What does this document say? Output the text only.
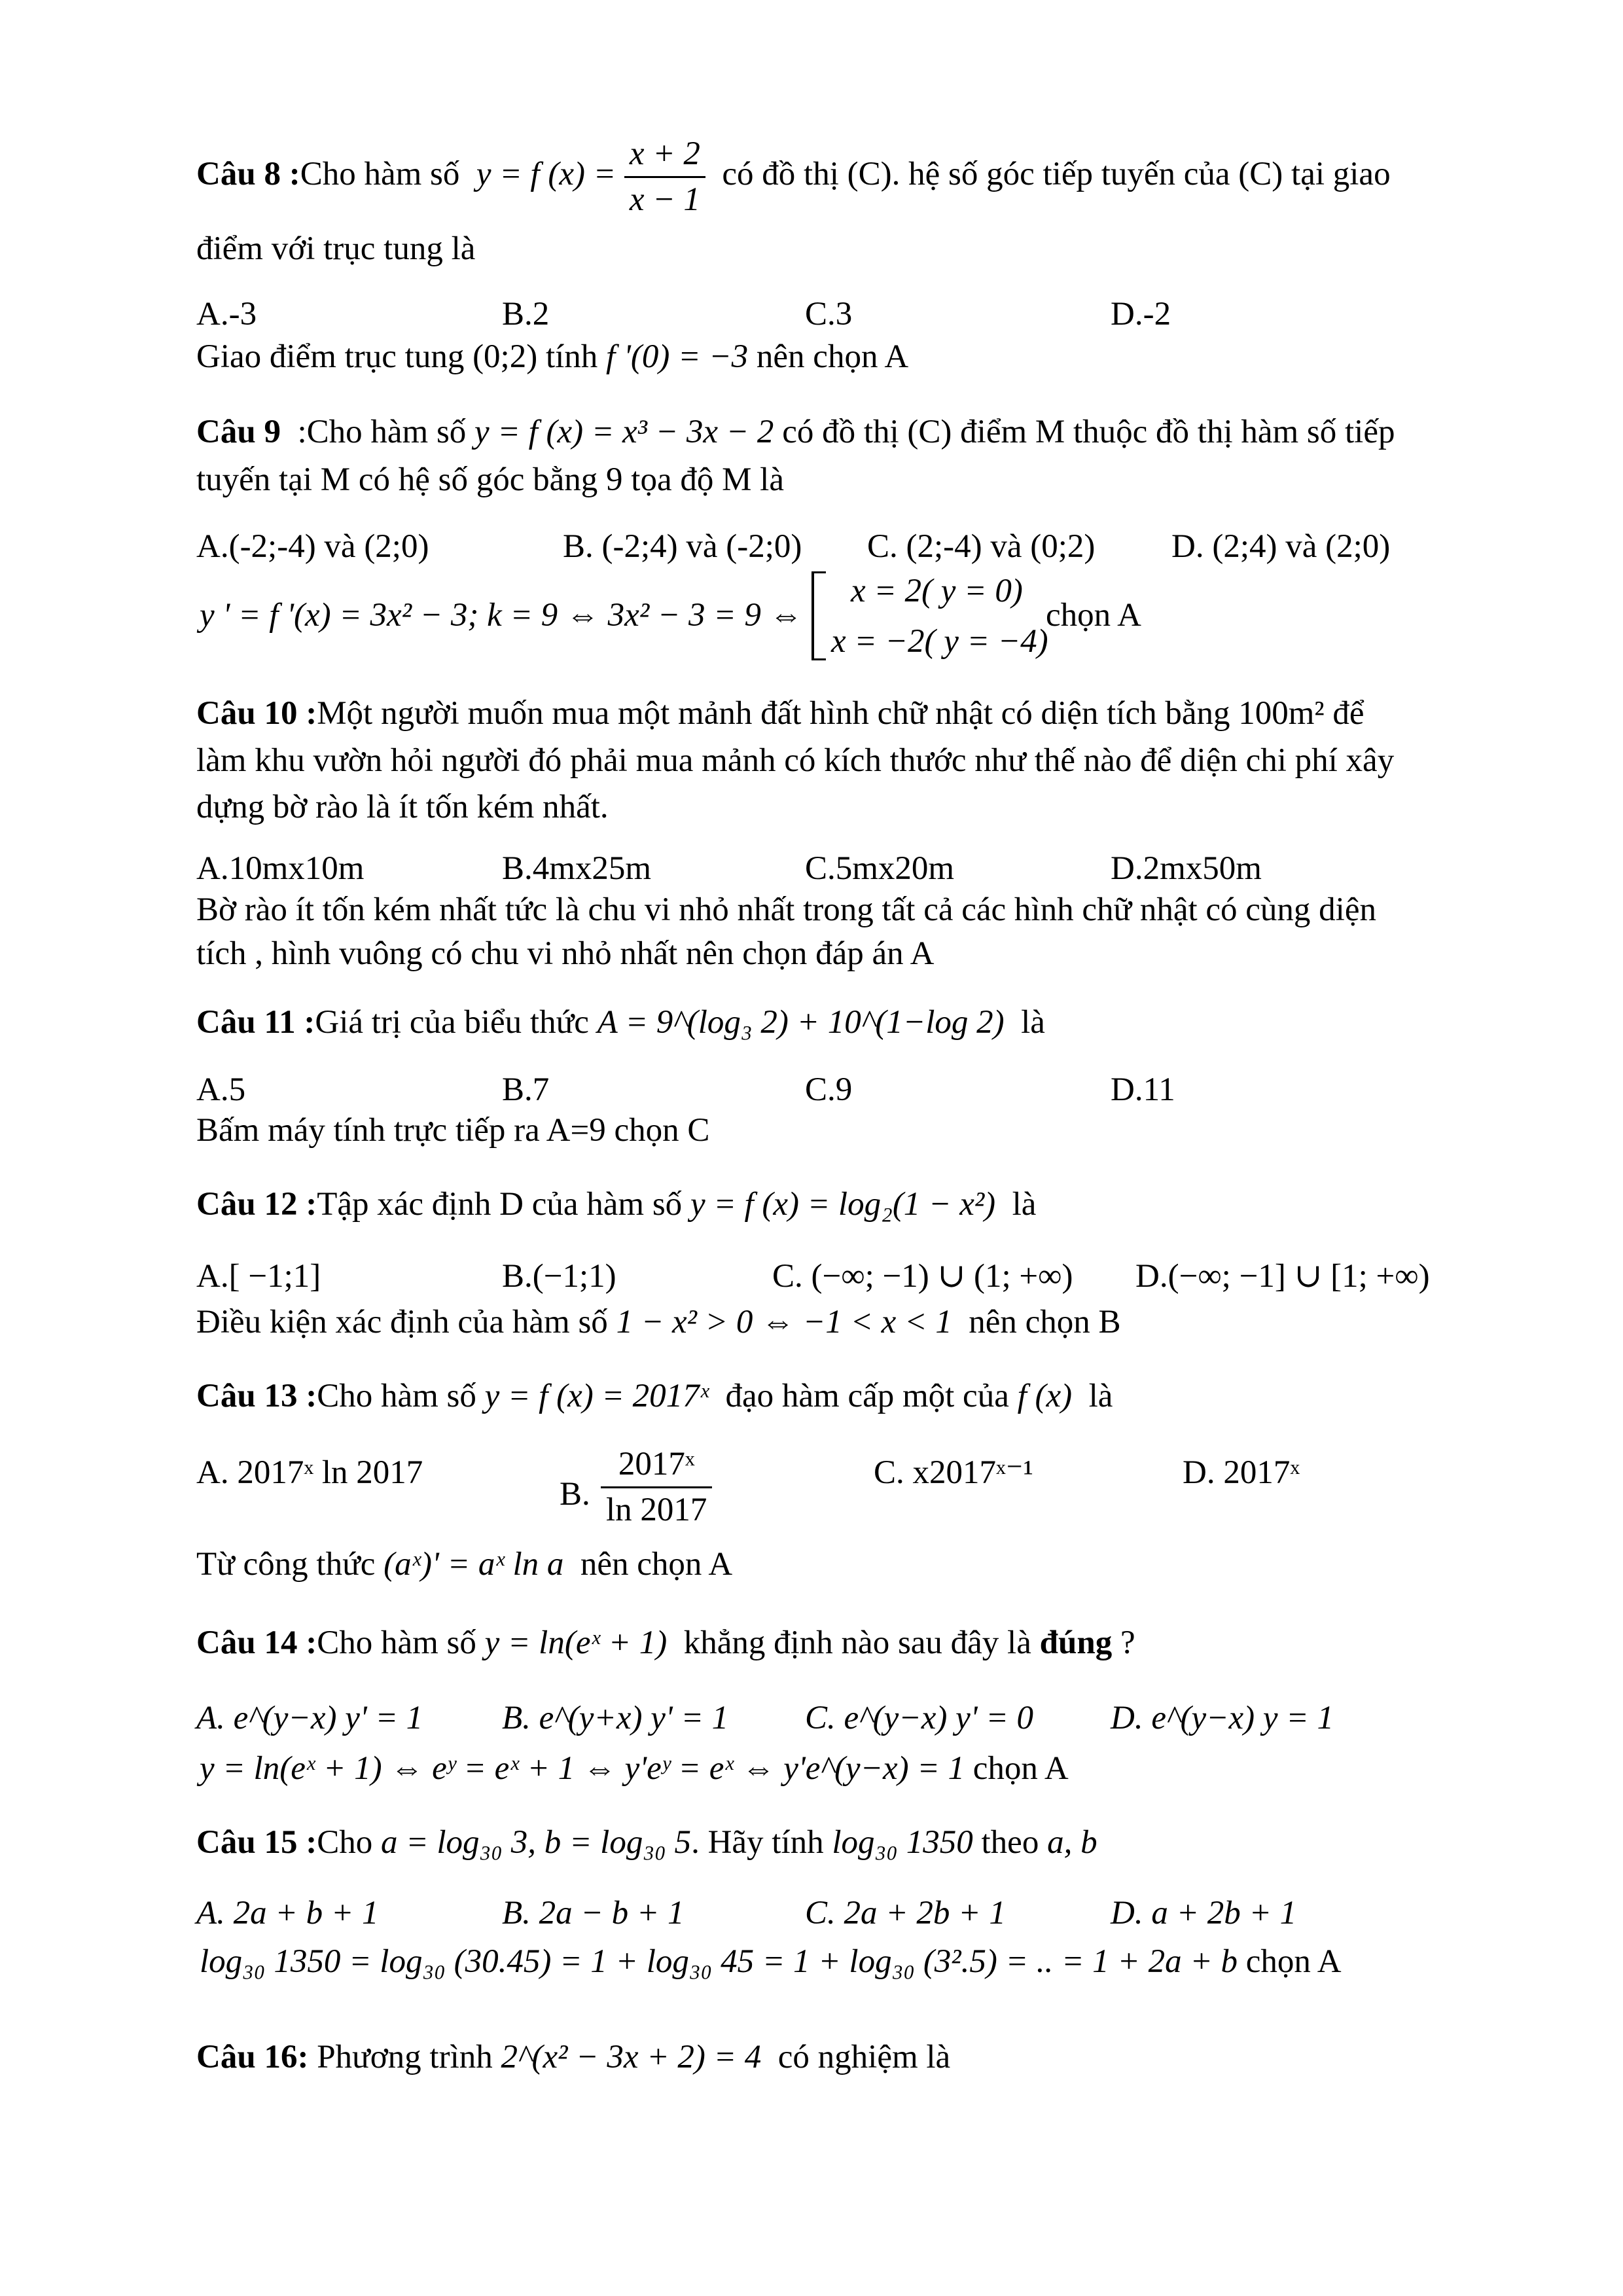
Câu 8 :Cho hàm số y = f $(x) = \frac{x + 2}{x - 1}$ có đồ thị (C). hệ số góc tiếp tuyến của (C) tại giao
điểm với trục tung là
A.-3	B.2	C.3	D.-2
Giao điểm trục tung (0;2) tính f '(0) = −3 nên chọn A
Câu 9 :Cho hàm số y = f (x) = x³ − 3x − 2 có đồ thị (C) điểm M thuộc đồ thị hàm số tiếp
tuyến tại M có hệ số góc bằng 9 tọa độ M là
A.(-2;-4) và (2;0)	B. (-2;4) và (-2;0) C. (2;-4) và (0;2) D. (2;4) và (2;0)
y ' = f '(x) = 3x² − 3; k = 9 ⇔ 3x² − 3 = 9 ⇔
x = 2( y = 0)
x = −2( y = −4)
chọn A
Câu 10 :Một người muốn mua một mảnh đất hình chữ nhật có diện tích bằng 100m² để
làm khu vườn hỏi người đó phải mua mảnh có kích thước như thế nào để diện chi phí xây
dựng bờ rào là ít tốn kém nhất.
A.10mx10m	B.4mx25m	C.5mx20m	D.2mx50m
Bờ rào ít tốn kém nhất tức là chu vi nhỏ nhất trong tất cả các hình chữ nhật có cùng diện
tích , hình vuông có chu vi nhỏ nhất nên chọn đáp án A
Câu 11 :Giá trị của biểu thức A = 9^(log₃ 2) + 10^(1−log 2) là
A.5	B.7	C.9	D.11
Bấm máy tính trực tiếp ra A=9 chọn C
Câu 12 :Tập xác định D của hàm số y = f (x) = log₂(1 − x²) là
A.[ −1;1]	B.(−1;1)	C. (−∞; −1) ∪ (1; +∞) D.(−∞; −1] ∪ [1; +∞)
Điều kiện xác định của hàm số 1 − x² > 0 ⇔ −1 < x < 1 nên chọn B
Câu 13 :Cho hàm số y = f (x) = 2017ˣ đạo hàm cấp một của f (x) là
A. 2017ˣ ln 2017
B. $\frac{\text{2017ˣ}}{\ln 2017}$	C. x2017ˣ⁻¹	D. 2017ˣ
Từ công thức (aˣ)' = aˣ ln a nên chọn A
Câu 14 :Cho hàm số y = ln(eˣ + 1) khẳng định nào sau đây là đúng ?
A. e^(y−x) y' = 1 B. e^(y+x) y' = 1 C. e^(y−x) y' = 0 D. e^(y−x) y = 1
y = ln(eˣ + 1) ⇔ eʸ = eˣ + 1 ⇔ y'eʸ = eˣ ⇔ y'e^(y−x) = 1 chọn A
Câu 15 :Cho a = log₃₀ 3, b = log₃₀ 5. Hãy tính log₃₀ 1350 theo a, b
A. 2a + b + 1	B. 2a − b + 1	C. 2a + 2b + 1	D. a + 2b + 1
log₃₀ 1350 = log₃₀ (30.45) = 1 + log₃₀ 45 = 1 + log₃₀ (3².5) = .. = 1 + 2a + b chọn A
Câu 16: Phương trình 2^(x² − 3x + 2) = 4 có nghiệm là
